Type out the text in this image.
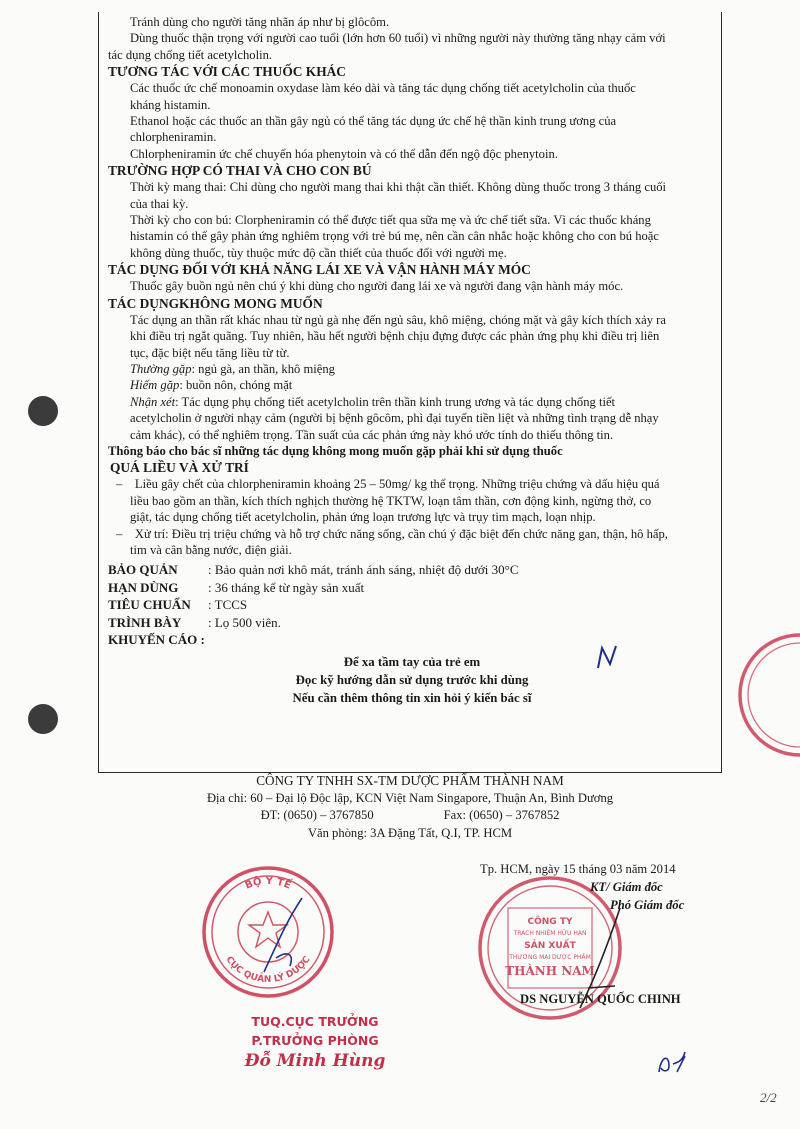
Tránh dùng cho người tăng nhãn áp như bị glôcôm.

Dùng thuốc thận trọng với người cao tuổi (lớn hơn 60 tuổi) vì những người này thường tăng nhạy cảm với

tác dụng chống tiết acetylcholin.

TƯƠNG TÁC VỚI CÁC THUỐC KHÁC

Các thuốc ức chế monoamin oxydase làm kéo dài và tăng tác dụng chống tiết acetylcholin của thuốc

kháng histamin.

Ethanol hoặc các thuốc an thần gây ngủ có thể tăng tác dụng ức chế hệ thần kinh trung ương của

chlorpheniramin.

Chlorpheniramin ức chế chuyển hóa phenytoin và có thể dẫn đến ngộ độc phenytoin.

TRƯỜNG HỢP CÓ THAI VÀ CHO CON BÚ

Thời kỳ mang thai: Chỉ dùng cho người mang thai khi thật cần thiết. Không dùng thuốc trong 3 tháng cuối

của thai kỳ.

Thời kỳ cho con bú: Clorpheniramin có thể được tiết qua sữa mẹ và ức chế tiết sữa. Vì các thuốc kháng

histamin có thể gây phản ứng nghiêm trọng với trẻ bú mẹ, nên cần cân nhắc hoặc không cho con bú hoặc

không dùng thuốc, tùy thuộc mức độ cần thiết của thuốc đối với người mẹ.

TÁC DỤNG ĐỐI VỚI KHẢ NĂNG LÁI XE VÀ VẬN HÀNH MÁY MÓC

Thuốc gây buồn ngủ nên chú ý khi dùng cho người đang lái xe và người đang vận hành máy móc.

TÁC DỤNGKHÔNG MONG MUỐN

Tác dụng an thần rất khác nhau từ ngủ gà nhẹ đến ngủ sâu, khô miệng, chóng mặt và gây kích thích xảy ra

khi điều trị ngắt quãng. Tuy nhiên, hầu hết người bệnh chịu đựng được các phản ứng phụ khi điều trị liên

tục, đặc biệt nếu tăng liều từ từ.

Thường gặp: ngủ gà, an thần, khô miệng

Hiếm gặp: buồn nôn, chóng mặt

Nhận xét: Tác dụng phụ chống tiết acetylcholin trên thần kinh trung ương và tác dụng chống tiết

acetylcholin ở người nhạy cảm (người bị bệnh gôcôm, phì đại tuyến tiền liệt và những tình trạng dễ nhạy

cảm khác), có thể nghiêm trọng. Tần suất của các phản ứng này khó ước tính do thiếu thông tin.

Thông báo cho bác sĩ những tác dụng không mong muốn gặp phải khi sử dụng thuốc

QUÁ LIỀU VÀ XỬ TRÍ

–    Liều gây chết của chlorpheniramin khoảng 25 – 50mg/ kg thể trọng. Những triệu chứng và dấu hiệu quá

liều bao gồm an thần, kích thích nghịch thường hệ TKTW, loạn tâm thần, cơn động kinh, ngừng thở, co

giật, tác dụng chống tiết acetylcholin, phản ứng loạn trương lực và trụy tim mạch, loạn nhịp.

–    Xử trí: Điều trị triệu chứng và hỗ trợ chức năng sống, cần chú ý đặc biệt đến chức năng gan, thận, hô hấp,

tim và cân bằng nước, điện giải.

BẢO QUẢN	: Bảo quản nơi khô mát, tránh ánh sáng, nhiệt độ dưới 30°C
HẠN DÙNG	: 36 tháng kể từ ngày sản xuất
TIÊU CHUẨN	: TCCS
TRÌNH BÀY	: Lọ 500 viên.
KHUYẾN CÁO :

Để xa tầm tay của trẻ em

Đọc kỹ hướng dẫn sử dụng trước khi dùng

Nếu cần thêm thông tin xin hỏi ý kiến bác sĩ

CÔNG TY TNHH SX-TM DƯỢC PHẨM THÀNH NAM

Địa chỉ: 60 – Đại lộ Độc lập, KCN Việt Nam Singapore, Thuận An, Bình Dương

ĐT: (0650) – 3767850	Fax: (0650) – 3767852

Văn phòng: 3A Đặng Tất, Q.I, TP. HCM

BỘ Y TẾ
CỤC QUẢN LÝ DƯỢC
TUQ.CỤC TRƯỞNG
P.TRƯỞNG PHÒNG
Đỗ Minh Hùng
CÔNG TY
TRÁCH NHIỆM HỮU HẠN
SẢN XUẤT
THƯƠNG MẠI DƯỢC PHẨM
THÀNH NAM
Tp. HCM, ngày 15 tháng 03 năm 2014
KT/ Giám đốc
Phó Giám đốc
DS NGUYỄN QUỐC CHINH
2/2
